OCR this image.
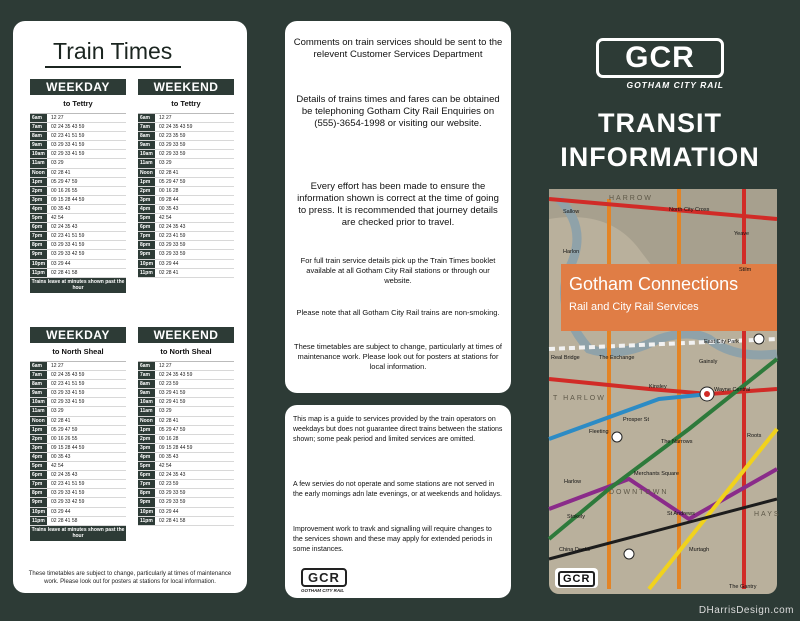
Train Times
WEEKDAY
to Tettry
6am	12 27
7am	02 24 35 43 59
8am	02 23 41 51 59
9am	03 29 33 41 59
10am	02 29 33 41 59
11am	03 29
Noon	02 28 41
1pm	05 29 47 59
2pm	00 16 26 55
3pm	09 15 28 44 59
4pm	00 35 43
5pm	42 54
6pm	02 24 35 43
7pm	02 23 41 51 59
8pm	03 29 33 41 59
9pm	03 29 33 42 59
10pm	03 29 44
11pm	02 28 41 58
Trains leave at minutes shown past the hour
WEEKEND
to Tettry
6am	12 27
7am	02 24 35 43 59
8am	02 23 35 59
9am	03 29 33 59
10am	02 29 33 59
11am	03 29
Noon	02 28 41
1pm	05 29 47 59
2pm	00 16 28
3pm	09 28 44
4pm	00 35 43
5pm	42 54
6pm	02 24 35 43
7pm	02 23 41 59
8pm	03 29 33 59
9pm	03 29 33 59
10pm	03 29 44
11pm	02 28 41
WEEKDAY
to North Sheal
6am	12 27
7am	02 24 35 43 59
8am	02 23 41 51 59
9am	03 29 33 41 59
10am	02 29 33 41 59
11am	03 29
Noon	02 28 41
1pm	05 29 47 59
2pm	00 16 26 55
3pm	09 15 28 44 59
4pm	00 35 43
5pm	42 54
6pm	02 24 35 43
7pm	02 23 41 51 59
8pm	03 29 33 41 59
9pm	03 29 33 42 59
10pm	03 29 44
11pm	02 28 41 58
Trains leave at minutes shown past the hour
WEEKEND
to North Sheal
6am	12 27
7am	02 24 35 43 59
8am	02 23 59
9am	03 29 41 59
10am	02 29 41 59
11am	03 29
Noon	02 28 41
1pm	05 29 47 59
2pm	00 16 28
3pm	09 15 28 44 59
4pm	00 35 43
5pm	42 54
6pm	02 24 35 43
7pm	02 23 59
8pm	03 29 33 59
9pm	03 29 33 59
10pm	03 29 44
11pm	02 28 41 58
These timetables are subject to change, particularly at times of maintenance work. Please look out for posters at stations for local information.
Comments on train services should be sent to the relevent Customer Services Department
Details of trains times and fares can be obtained be telephoning Gotham City Rail Enquiries on (555)-3654-1998 or visiting our website.
Every effort has been made to ensure the information shown is correct at the time of going to press. It is recommended that journey details are checked prior to travel.
For full train service details pick up the Train Times booklet available at all Gotham City Rail stations or through our website.
Please note that all Gotham City Rail trains are non-smoking.
These timetables are subject to change, particularly at times of maintenance work. Please look out for posters at stations for local information.
This map is a guide to services provided by the train operators on weekdays but does not guarantee direct trains between the stations shown; some peak period and limited services are omitted.
A few servies do not operate and some stations are not served in the early mornings adn late evenings, or at weekends and holidays.
Improvement work to travk and signalling will require changes to the services shown and these may apply for extended periods in some instances.
GCR
GOTHAM CITY RAIL
GCR
GOTHAM CITY RAIL
TRANSIT
INFORMATION
Gotham Connections
Rail and City Rail Services
GCR
Sallow	North City Cross
Yeave
Harlon
Stilm
East City Park
Real Bridge	The Exchange
Gainsly
Kinsley	Wayne Central
Prosper St
Fleeting
The Narrows
Roots
Harlow
Merchants Square
Stokely	St Andrews
Murtagh
The Gantry
China Docks
HARROW
T HARLOW
DOWNTOWN
HAYS
DHarrisDesign.com
